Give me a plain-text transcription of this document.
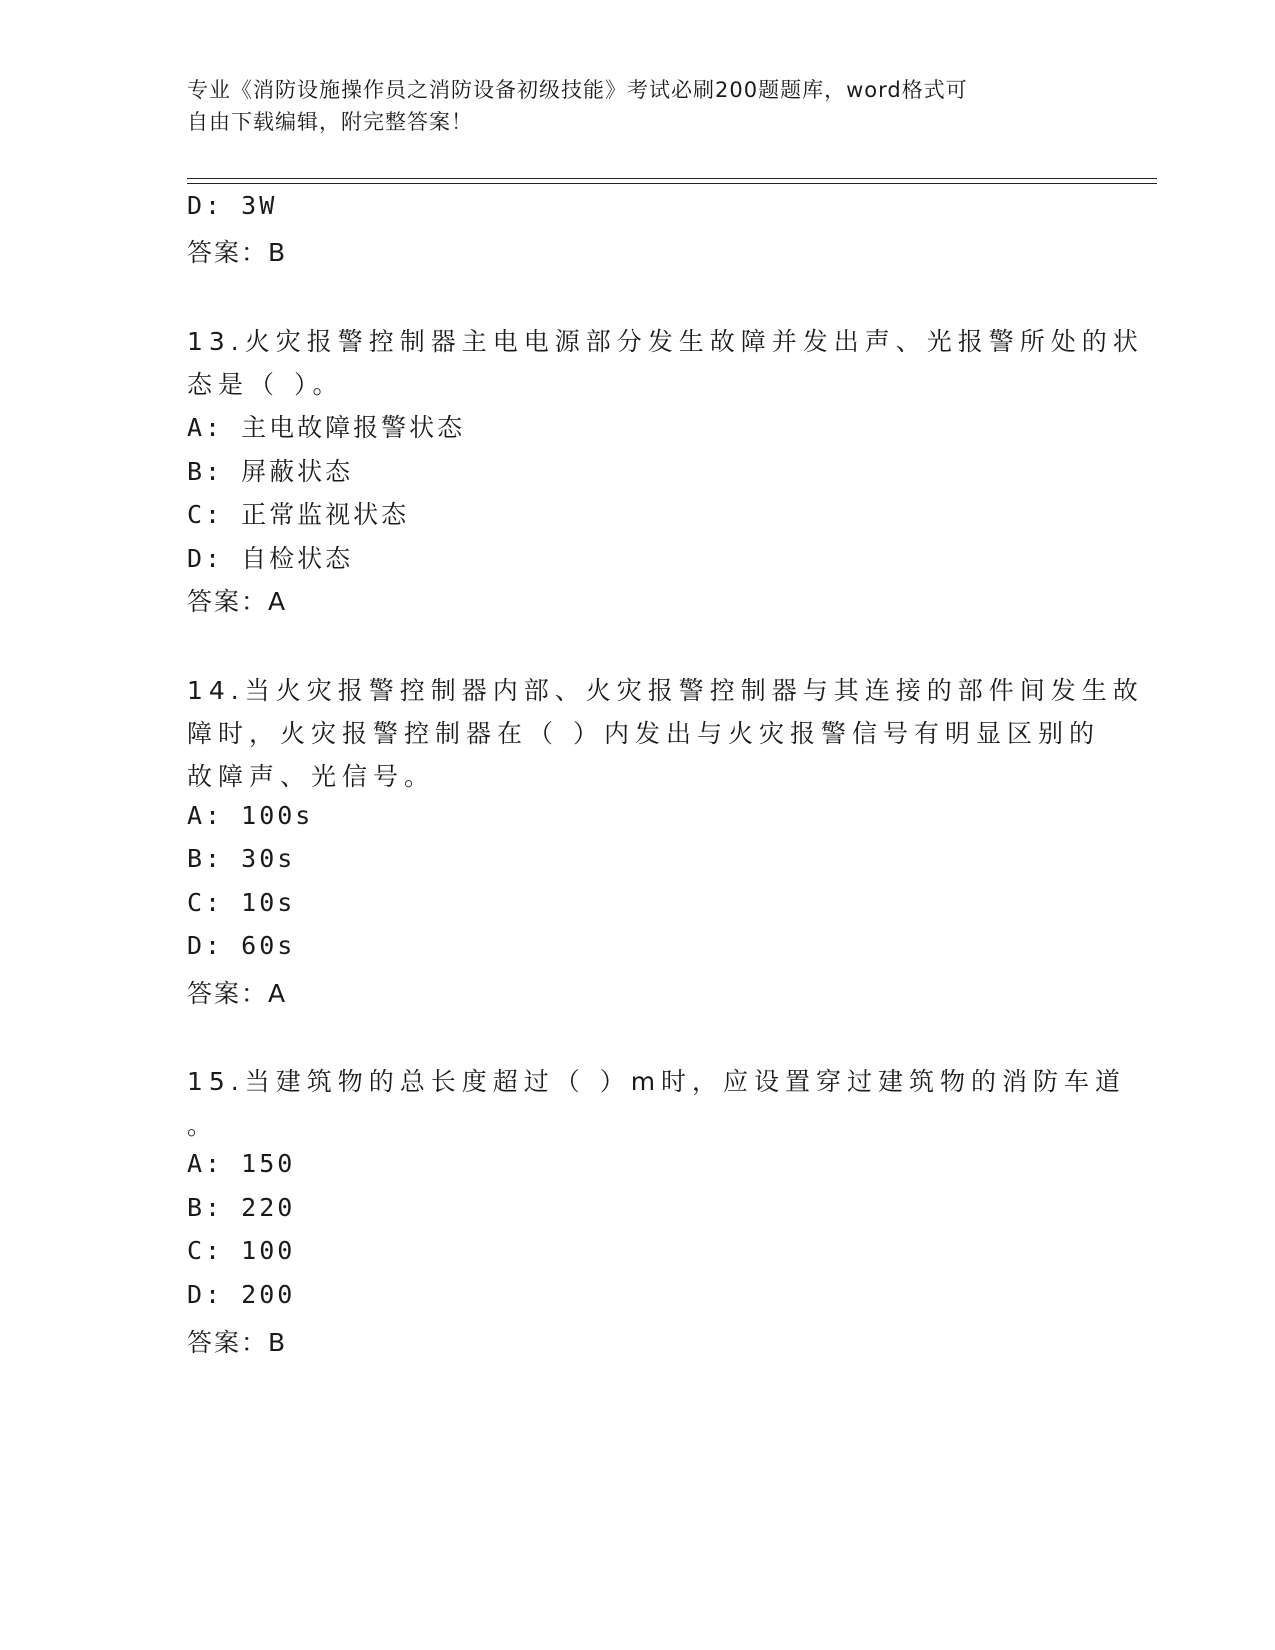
专业《消防设施操作员之消防设备初级技能》考试必刷200题题库，word格式可

自由下载编辑，附完整答案！

D: 3W
答案：B
13.火灾报警控制器主电电源部分发生故障并发出声、光报警所处的状
态是（ ）。
A: 主电故障报警状态
B: 屏蔽状态
C: 正常监视状态
D: 自检状态
答案：A
14.当火灾报警控制器内部、火灾报警控制器与其连接的部件间发生故
障时，火灾报警控制器在（ ）内发出与火灾报警信号有明显区别的
故障声、光信号。
A: 100s
B: 30s
C: 10s
D: 60s
答案：A
15.当建筑物的总长度超过（ ）m时，应设置穿过建筑物的消防车道
。
A: 150
B: 220
C: 100
D: 200
答案：B
